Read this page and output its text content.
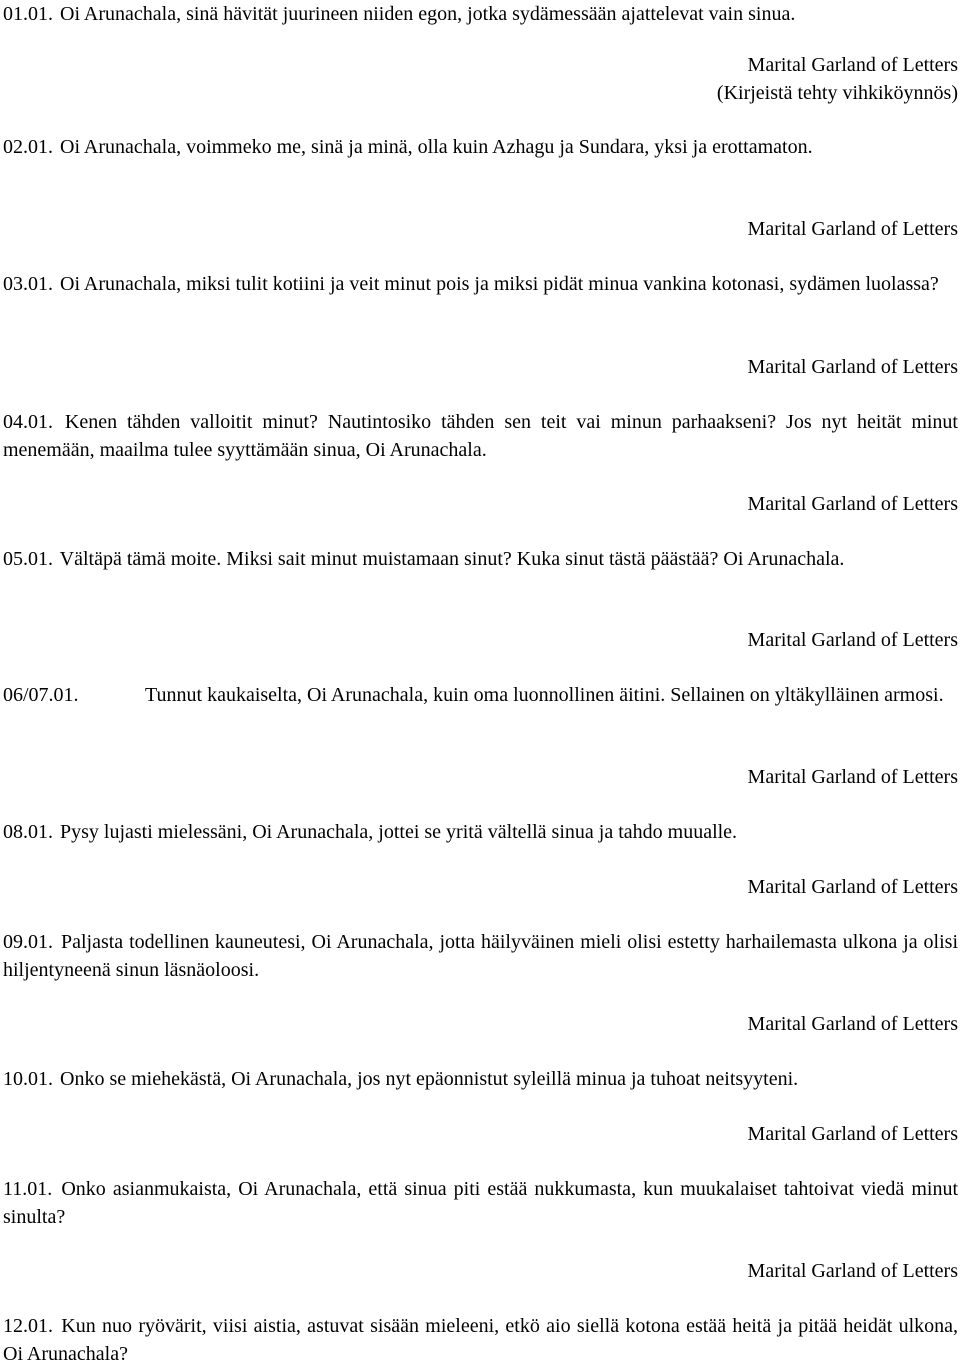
01.01. Oi Arunachala, sinä hävität juurineen niiden egon, jotka sydämessään ajattelevat vain sinua.

Marital Garland of Letters
(Kirjeistä tehty vihkiköynnös)

02.01. Oi Arunachala, voimmeko me, sinä ja minä, olla kuin Azhagu ja Sundara, yksi ja erottamaton.

Marital Garland of Letters

03.01. Oi Arunachala, miksi tulit kotiini ja veit minut pois ja miksi pidät minua vankina kotonasi, sydämen luolassa?

Marital Garland of Letters

04.01. Kenen tähden valloitit minut? Nautintosiko tähden sen teit vai minun parhaakseni? Jos nyt heität minut menemään, maailma tulee syyttämään sinua, Oi Arunachala.

Marital Garland of Letters

05.01. Vältäpä tämä moite. Miksi sait minut muistamaan sinut? Kuka sinut tästä päästää? Oi Arunachala.

Marital Garland of Letters

06/07.01.	Tunnut kaukaiselta, Oi Arunachala, kuin oma luonnollinen äitini. Sellainen on yltäkylläinen armosi.

Marital Garland of Letters

08.01. Pysy lujasti mielessäni, Oi Arunachala, jottei se yritä vältellä sinua ja tahdo muualle.

Marital Garland of Letters

09.01. Paljasta todellinen kauneutesi, Oi Arunachala, jotta häilyväinen mieli olisi estetty harhailemasta ulkona ja olisi hiljentyneenä sinun läsnäoloosi.

Marital Garland of Letters

10.01. Onko se miehekästä, Oi Arunachala, jos nyt epäonnistut syleillä minua ja tuhoat neitsyyteni.

Marital Garland of Letters

11.01. Onko asianmukaista, Oi Arunachala, että sinua piti estää nukkumasta, kun muukalaiset tahtoivat viedä minut sinulta?

Marital Garland of Letters

12.01. Kun nuo ryövärit, viisi aistia, astuvat sisään mieleeni, etkö aio siellä kotona estää heitä ja pitää heidät ulkona, Oi Arunachala?
